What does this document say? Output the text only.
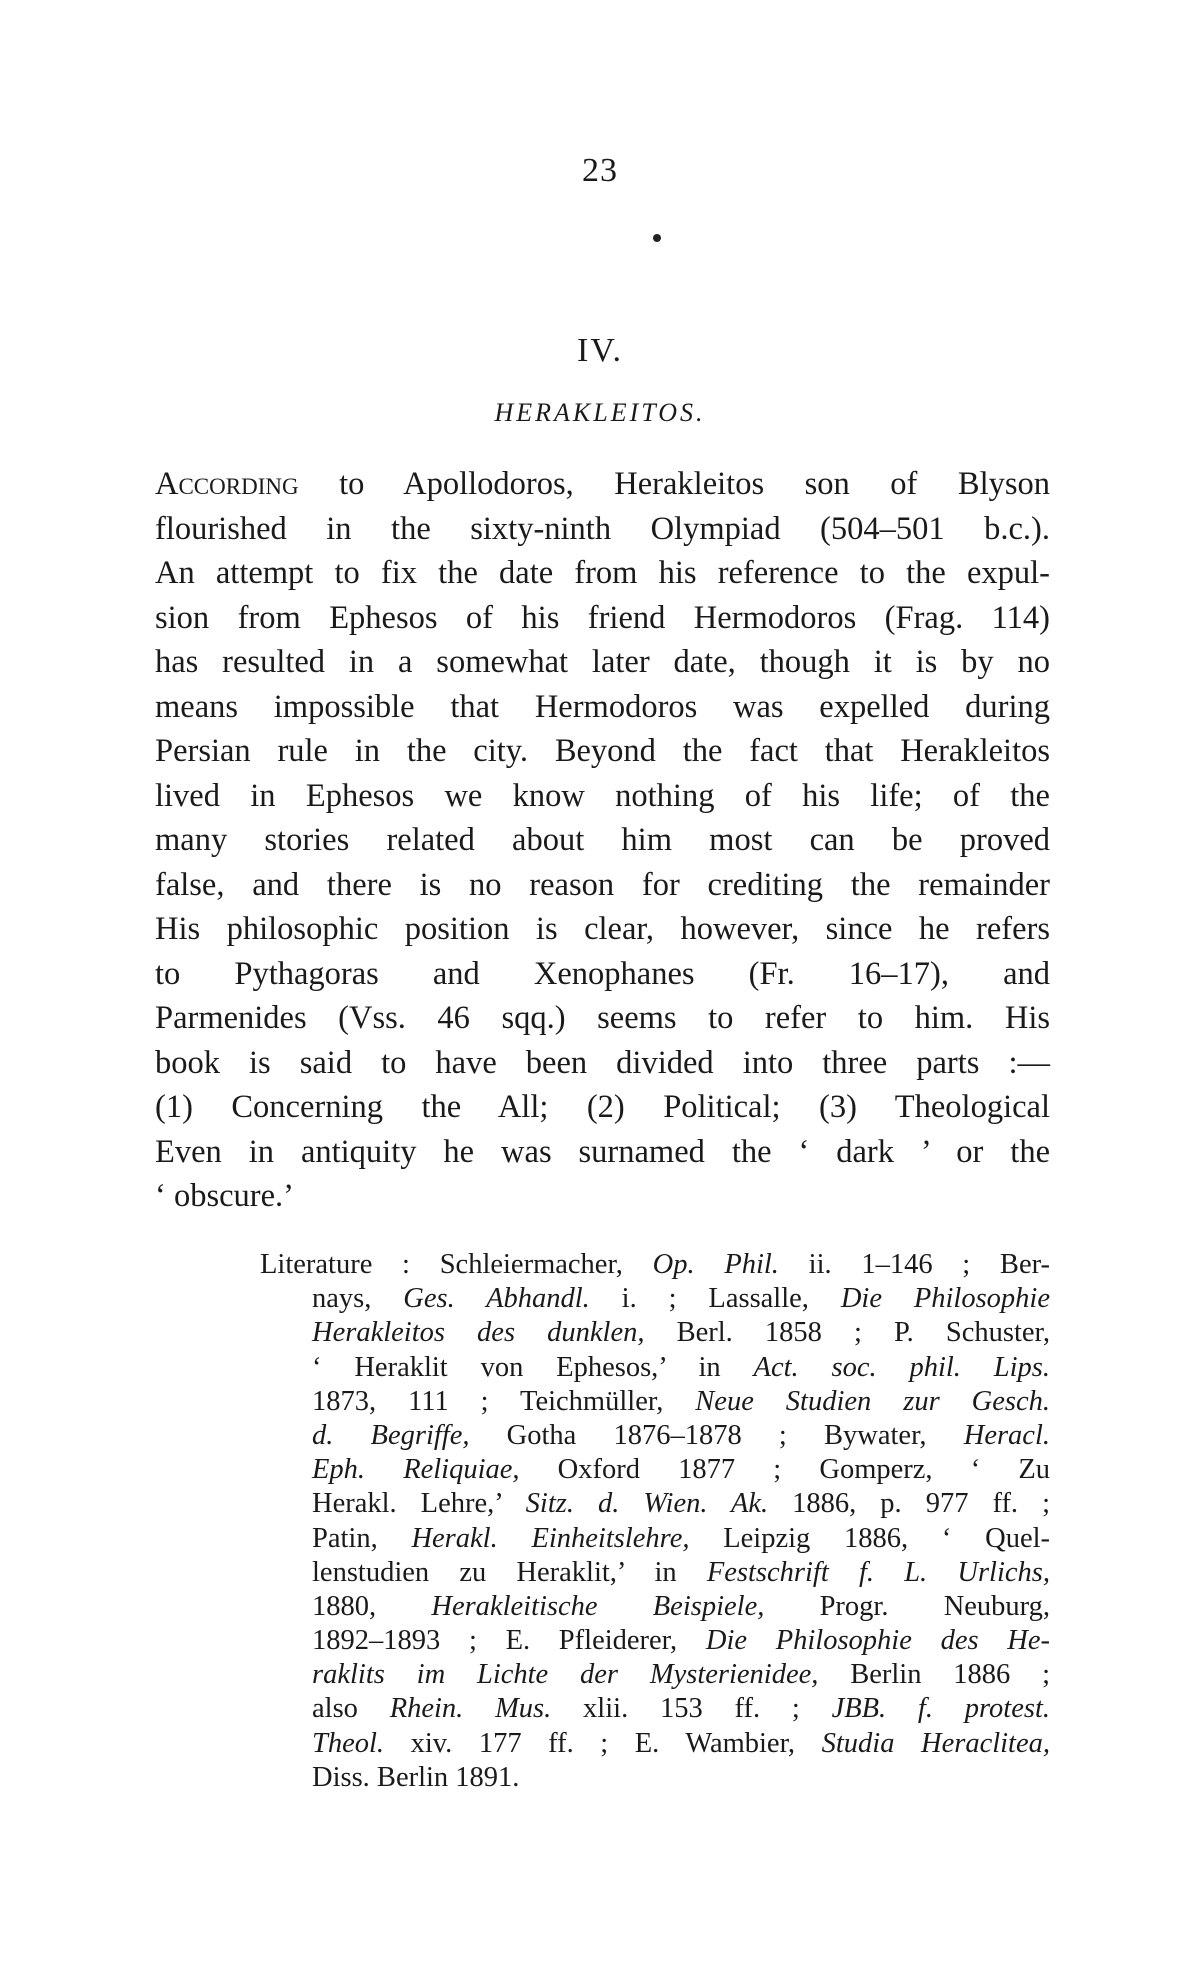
23
IV.
HERAKLEITOS.
According to Apollodoros, Herakleitos son of Blyson
flourished in the sixty-ninth Olympiad (504–501 b.c.).
An attempt to fix the date from his reference to the expul-
sion from Ephesos of his friend Hermodoros (Frag. 114)
has resulted in a somewhat later date, though it is by no
means impossible that Hermodoros was expelled during
Persian rule in the city. Beyond the fact that Herakleitos
lived in Ephesos we know nothing of his life; of the
many stories related about him most can be proved
false, and there is no reason for crediting the remainder
His philosophic position is clear, however, since he refers
to Pythagoras and Xenophanes (Fr. 16–17), and
Parmenides (Vss. 46 sqq.) seems to refer to him. His
book is said to have been divided into three parts :—
(1) Concerning the All; (2) Political; (3) Theological
Even in antiquity he was surnamed the ‘ dark ’ or the
‘ obscure.’
Literature : Schleiermacher, Op. Phil. ii. 1–146 ; Ber-
nays, Ges. Abhandl. i. ; Lassalle, Die Philosophie
Herakleitos des dunklen, Berl. 1858 ; P. Schuster,
‘ Heraklit von Ephesos,’ in Act. soc. phil. Lips.
1873, 111 ; Teichmüller, Neue Studien zur Gesch.
d. Begriffe, Gotha 1876–1878 ; Bywater, Heracl.
Eph. Reliquiae, Oxford 1877 ; Gomperz, ‘ Zu
Herakl. Lehre,’ Sitz. d. Wien. Ak. 1886, p. 977 ff. ;
Patin, Herakl. Einheitslehre, Leipzig 1886, ‘ Quel-
lenstudien zu Heraklit,’ in Festschrift f. L. Urlichs,
1880, Herakleitische Beispiele, Progr. Neuburg,
1892–1893 ; E. Pfleiderer, Die Philosophie des He-
raklits im Lichte der Mysterienidee, Berlin 1886 ;
also Rhein. Mus. xlii. 153 ff. ; JBB. f. protest.
Theol. xiv. 177 ff. ; E. Wambier, Studia Heraclitea,
Diss. Berlin 1891.
